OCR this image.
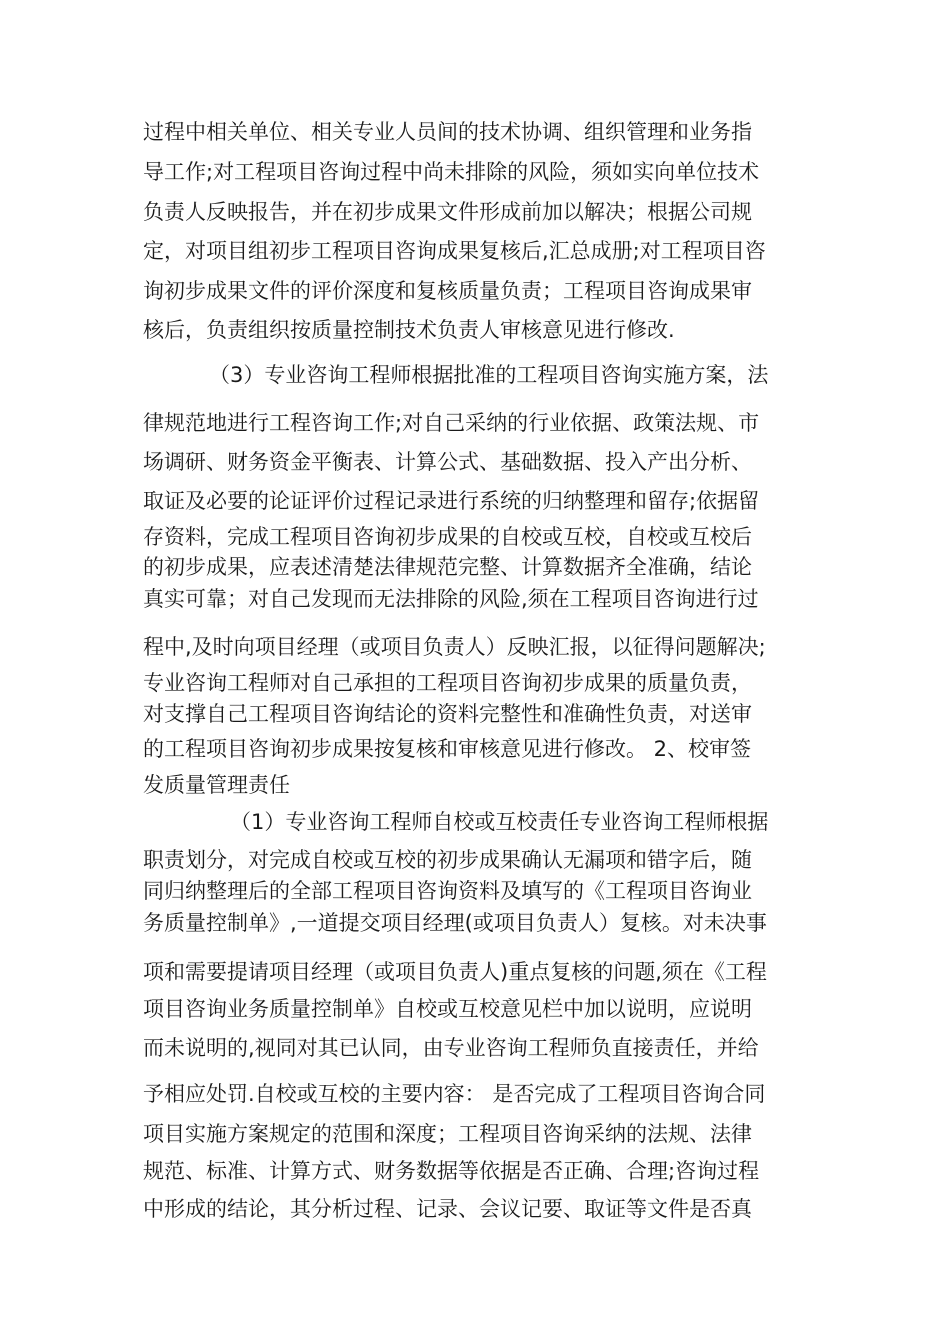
过程中相关单位、相关专业人员间的技术协调、组织管理和业务指
导工作;对工程项目咨询过程中尚未排除的风险，须如实向单位技术
负责人反映报告，并在初步成果文件形成前加以解决；根据公司规
定，对项目组初步工程项目咨询成果复核后,汇总成册;对工程项目咨
询初步成果文件的评价深度和复核质量负责；工程项目咨询成果审
核后，负责组织按质量控制技术负责人审核意见进行修改.
（3）专业咨询工程师根据批准的工程项目咨询实施方案，法
律规范地进行工程咨询工作;对自己采纳的行业依据、政策法规、市
场调研、财务资金平衡表、计算公式、基础数据、投入产出分析、
取证及必要的论证评价过程记录进行系统的归纳整理和留存;依据留
存资料，完成工程项目咨询初步成果的自校或互校，自校或互校后
的初步成果，应表述清楚法律规范完整、计算数据齐全准确，结论
真实可靠；对自己发现而无法排除的风险,须在工程项目咨询进行过
程中,及时向项目经理（或项目负责人）反映汇报，以征得问题解决;
专业咨询工程师对自己承担的工程项目咨询初步成果的质量负责，
对支撑自己工程项目咨询结论的资料完整性和准确性负责，对送审
的工程项目咨询初步成果按复核和审核意见进行修改。 2、校审签
发质量管理责任
（1）专业咨询工程师自校或互校责任专业咨询工程师根据
职责划分，对完成自校或互校的初步成果确认无漏项和错字后，随
同归纳整理后的全部工程项目咨询资料及填写的《工程项目咨询业
务质量控制单》,一道提交项目经理(或项目负责人）复核。对未决事
项和需要提请项目经理（或项目负责人)重点复核的问题,须在《工程
项目咨询业务质量控制单》自校或互校意见栏中加以说明，应说明
而未说明的,视同对其已认同，由专业咨询工程师负直接责任，并给
予相应处罚.自校或互校的主要内容： 是否完成了工程项目咨询合同
项目实施方案规定的范围和深度；工程项目咨询采纳的法规、法律
规范、标准、计算方式、财务数据等依据是否正确、合理;咨询过程
中形成的结论，其分析过程、记录、会议记要、取证等文件是否真
